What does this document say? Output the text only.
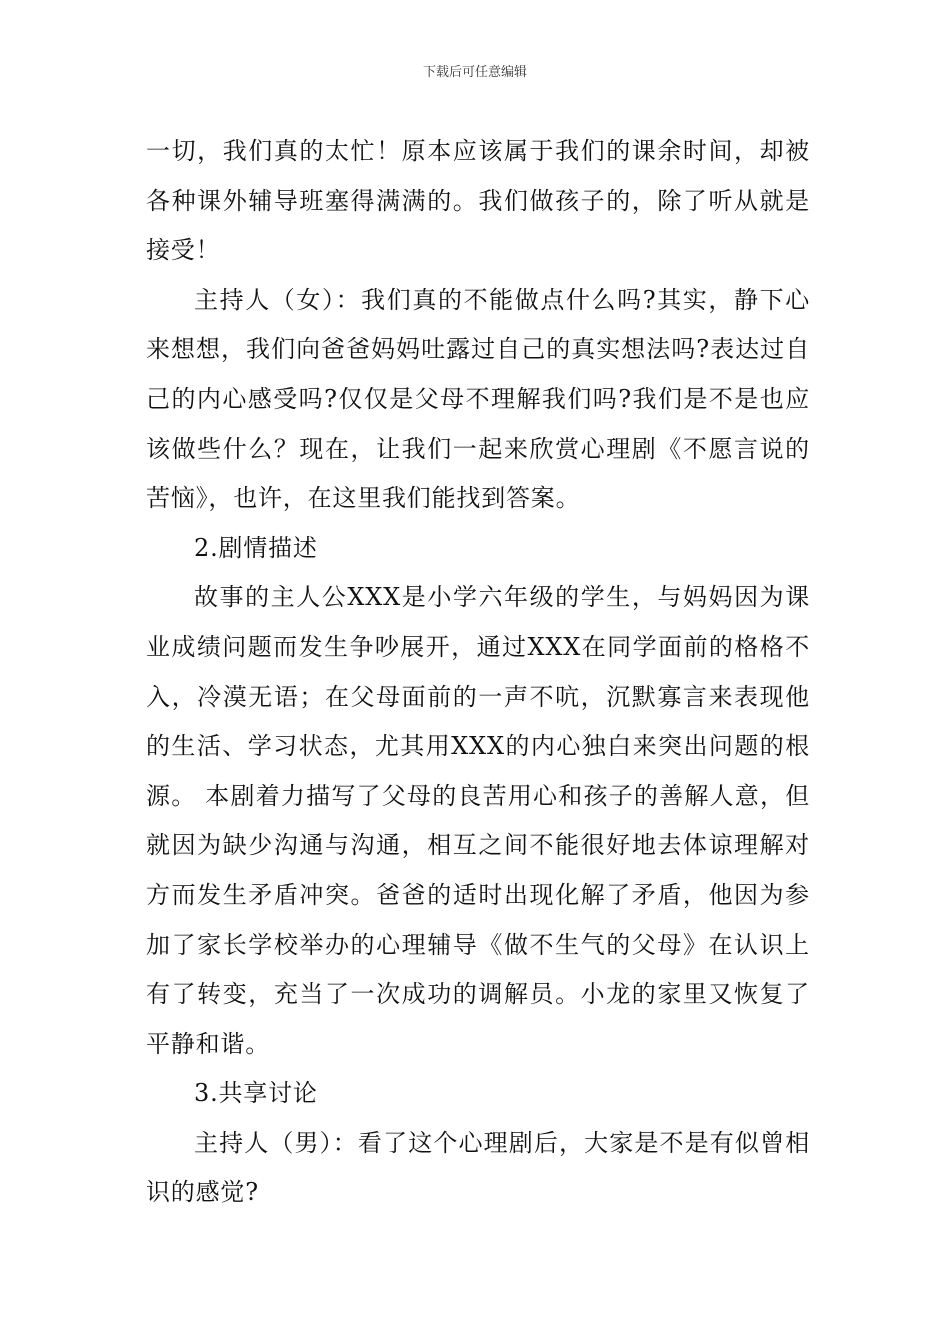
下载后可任意编辑

一切，我们真的太忙！原本应该属于我们的课余时间，却被各种课外辅导班塞得满满的。我们做孩子的，除了听从就是接受！

主持人（女）：我们真的不能做点什么吗?其实，静下心来想想，我们向爸爸妈妈吐露过自己的真实想法吗?表达过自己的内心感受吗?仅仅是父母不理解我们吗?我们是不是也应该做些什么？现在，让我们一起来欣赏心理剧《不愿言说的苦恼》，也许，在这里我们能找到答案。

2.剧情描述

故事的主人公XXX是小学六年级的学生，与妈妈因为课业成绩问题而发生争吵展开，通过XXX在同学面前的格格不入，冷漠无语；在父母面前的一声不吭，沉默寡言来表现他的生活、学习状态，尤其用XXX的内心独白来突出问题的根源。 本剧着力描写了父母的良苦用心和孩子的善解人意，但就因为缺少沟通与沟通，相互之间不能很好地去体谅理解对方而发生矛盾冲突。爸爸的适时出现化解了矛盾，他因为参加了家长学校举办的心理辅导《做不生气的父母》在认识上有了转变，充当了一次成功的调解员。小龙的家里又恢复了平静和谐。

3.共享讨论

主持人（男）：看了这个心理剧后，大家是不是有似曾相识的感觉?
